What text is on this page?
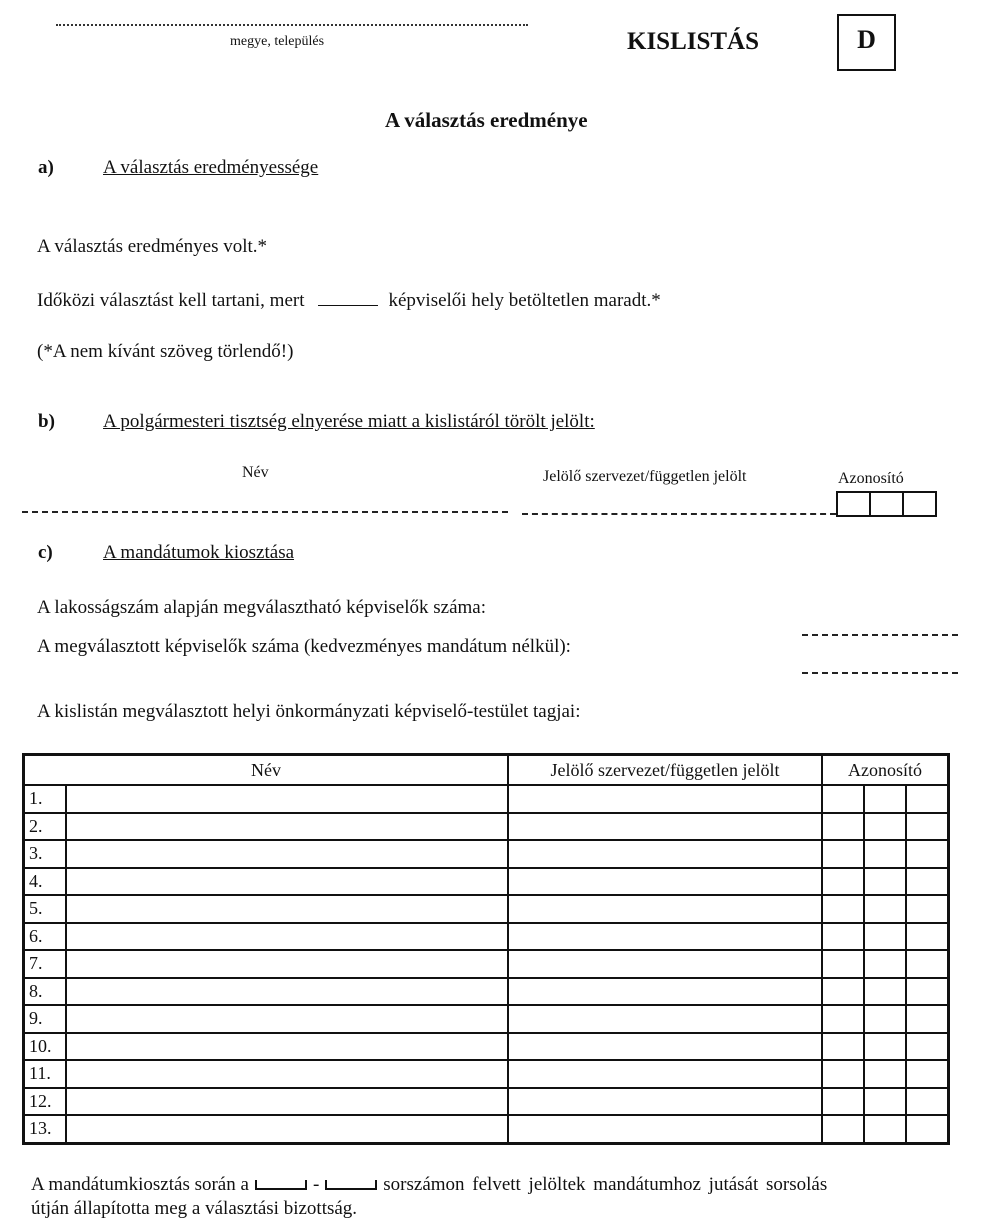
megye, település	KISLISTÁS	D
A választás eredménye
a)	A választás eredményessége
A választás eredményes volt.*
Időközi választást kell tartani, mert	képviselői hely betöltetlen maradt.*
(*A nem kívánt szöveg törlendő!)
b)	A polgármesteri tisztség elnyerése miatt a kislistáról törölt jelölt:
Név	Jelölő szervezet/független jelölt	Azonosító
c)	A mandátumok kiosztása
A lakosságszám alapján megválasztható képviselők száma:
A megválasztott képviselők száma (kedvezményes mandátum nélkül):
A kislistán megválasztott helyi önkormányzati képviselő-testület tagjai:
Név		Jelölő szervezet/független jelölt	Azonosító		
1.					
2.					
3.					
4.					
5.					
6.					
7.					
8.					
9.					
10.					
11.					
12.					
13.					
A mandátumkiosztás során a	-	sorszámon felvett jelöltek mandátumhoz jutását sorsolás
útján állapította meg a választási bizottság.
